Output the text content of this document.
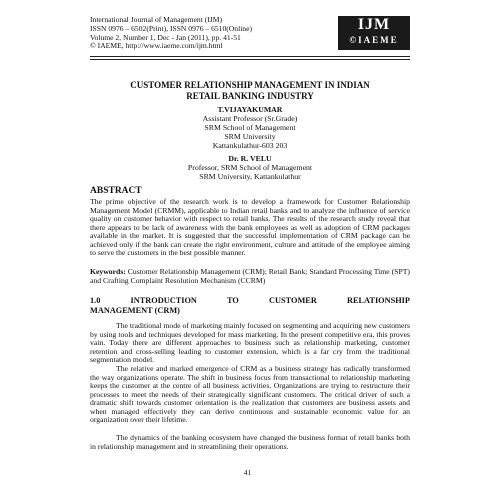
International Journal of Management (IJM)
ISSN 0976 – 6502(Print), ISSN 0976 – 6510(Online)
Volume 2, Number 1, Dec - Jan (2011), pp. 41-51
© IAEME, http://www.iaeme.com/ijm.html
IJM
©IAEME
CUSTOMER RELATIONSHIP MANAGEMENT IN INDIAN
RETAIL BANKING INDUSTRY
T.VIJAYAKUMAR
Assistant Professor (Sr.Grade)
SRM School of Management
SRM University
Kattankulathur-603 203
Dr. R. VELU
Professor, SRM School of Management
SRM University, Kattankulathur
ABSTRACT
The prime objective of the research work is to develop a framework for Customer Relationship Management Model (CRMM), applicable to Indian retail banks and to analyze the influence of service quality on customer behavior with respect to retail banks. The results of the research study reveal that there appears to be lack of awareness with the bank employees as well as adoption of CRM packages available in the market. It is suggested that the successful implementation of CRM package can be achieved only if the bank can create the right environment, culture and attitude of the employee aiming to serve the customers in the best possible manner.
Keywords: Customer Relationship Management (CRM); Retail Bank; Standard Processing Time (SPT) and Crafting Complaint Resolution Mechanism (CCRM)
1.0	INTRODUCTION	TO	CUSTOMER	RELATIONSHIP
MANAGEMENT (CRM)
The traditional mode of marketing mainly focused on segmenting and acquiring new customers by using tools and techniques developed for mass marketing. In the present competitive era, this proves vain. Today there are different approaches to business such as relationship marketing, customer retention and cross-selling leading to customer extension, which is a far cry from the traditional segmentation model.
The relative and marked emergence of CRM as a business strategy has radically transformed the way organizations operate. The shift in business focus from transactional to relationship marketing keeps the customer at the centre of all business activities. Organizations are trying to restructure their processes to meet the needs of their strategically significant customers. The critical driver of such a dramatic shift towards customer orientation is the realization that customers are business assets and when managed effectively they can derive continuous and sustainable economic value for an organization over their lifetime.
The dynamics of the banking ecosystem have changed the business format of retail banks both in relationship management and in streamlining their operations.
41
